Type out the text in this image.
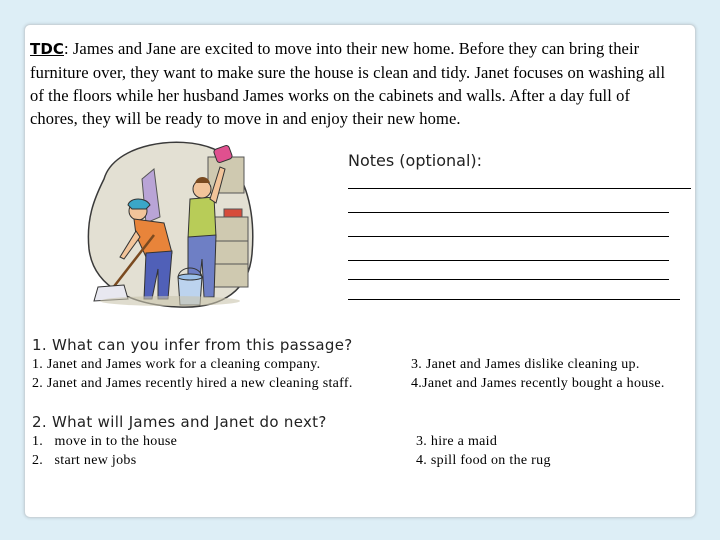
TDC: James and Jane are excited to move into their new home. Before they can bring their furniture over, they want to make sure the house is clean and tidy. Janet focuses on washing all of the floors while her husband James works on the cabinets and walls. After a day full of chores, they will be ready to move in and enjoy their new home.
Notes (optional):
1. What can you infer from this passage?
1. Janet and James work for a cleaning company.
2. Janet and James recently hired a new cleaning staff.
3. Janet and James dislike cleaning up.
4.Janet and James recently bought a house.
2. What will James and Janet do next?
1.   move in to the house
2.   start new jobs
3. hire a maid
4. spill food on the rug
